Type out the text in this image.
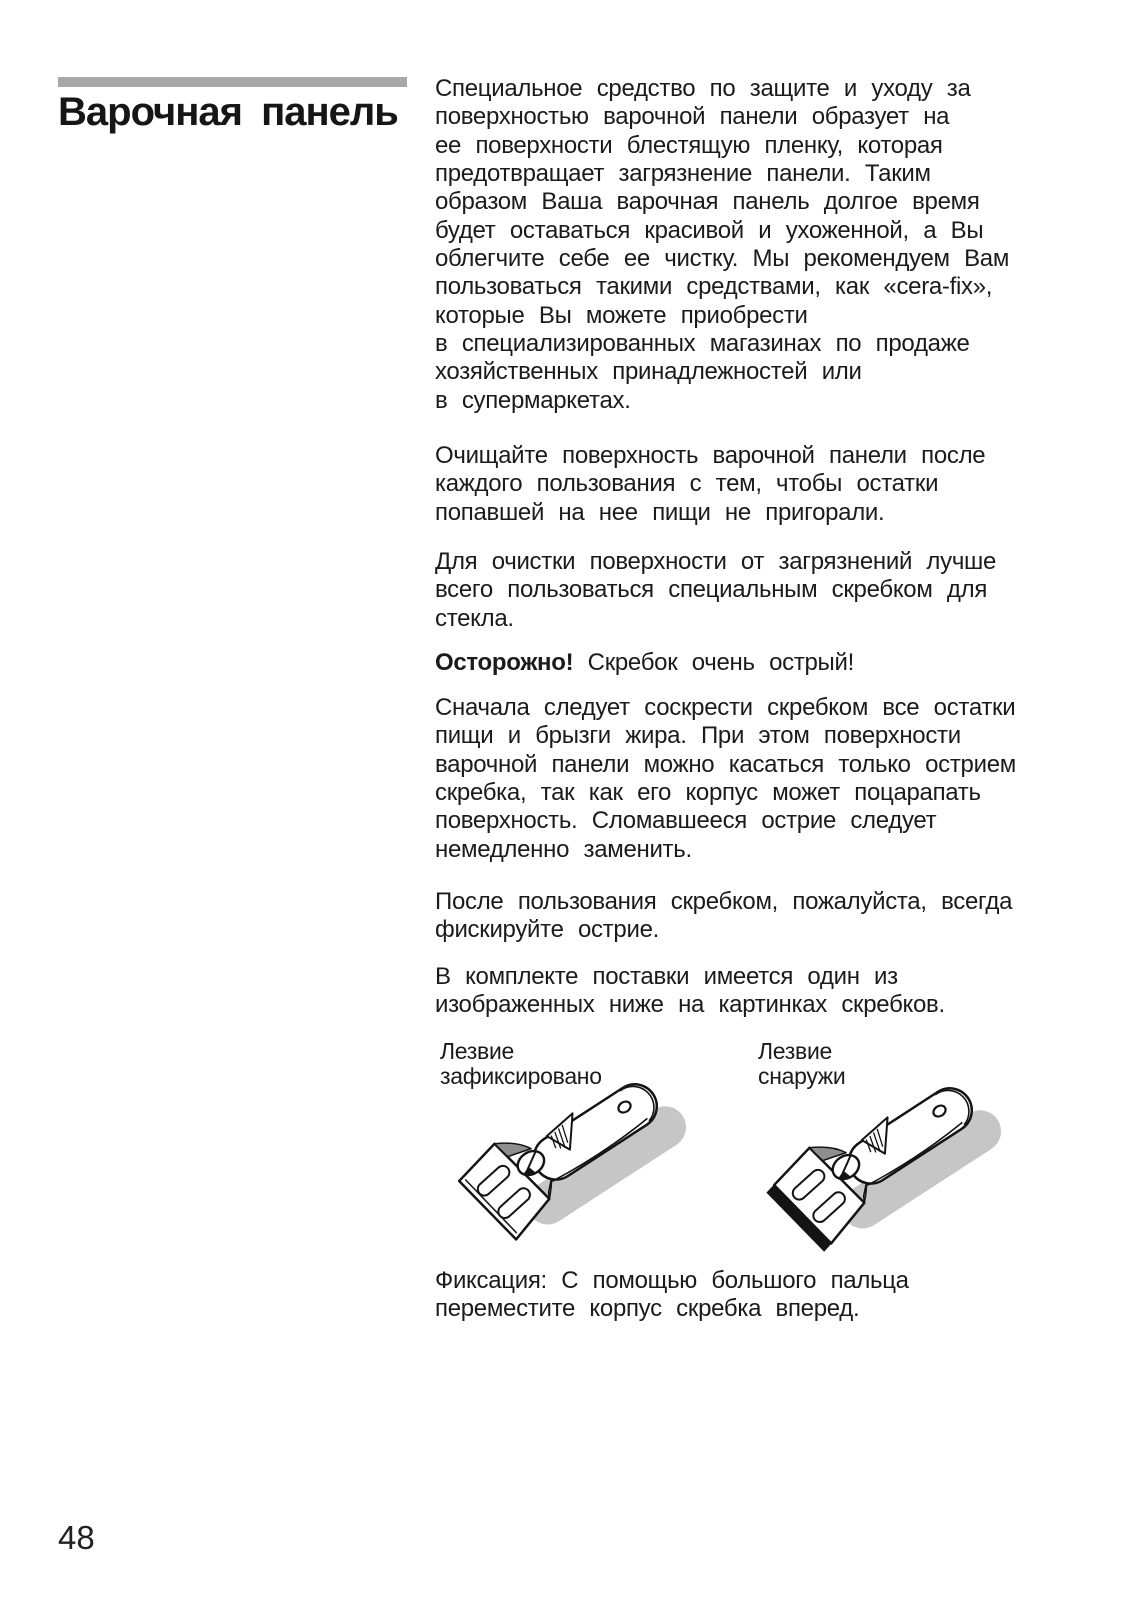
Варочная панель
Специальное средство по защите и уходу за
поверхностью варочной панели образует на
ее поверхности блестящую пленку, которая
предотвращает загрязнение панели. Таким
образом Ваша варочная панель долгое время
будет оставаться красивой и ухоженной, а Вы
облегчите себе ее чистку. Мы рекомендуем Вам
пользоваться такими средствами, как «cera-fix»,
которые Вы можете приобрести
в специализированных магазинах по продаже
хозяйственных принадлежностей или
в супермаркетах.
Очищайте поверхность варочной панели после
каждого пользования с тем, чтобы остатки
попавшей на нее пищи не пригорали.
Для очистки поверхности от загрязнений лучше
всего пользоваться специальным скребком для
стекла.
Осторожно! Скребок очень острый!
Сначала следует соскрести скребком все остатки
пищи и брызги жира. При этом поверхности
варочной панели можно касаться только острием
скребка, так как его корпус может поцарапать
поверхность. Сломавшееся острие следует
немедленно заменить.
После пользования скребком, пожалуйста, всегда
фискируйте острие.
В комплекте поставки имеется один из
изображенных ниже на картинках скребков.
Лезвие
зафиксировано
Лезвие
снаружи
Фиксация: С помощью большого пальца
переместите корпус скребка вперед.
48
